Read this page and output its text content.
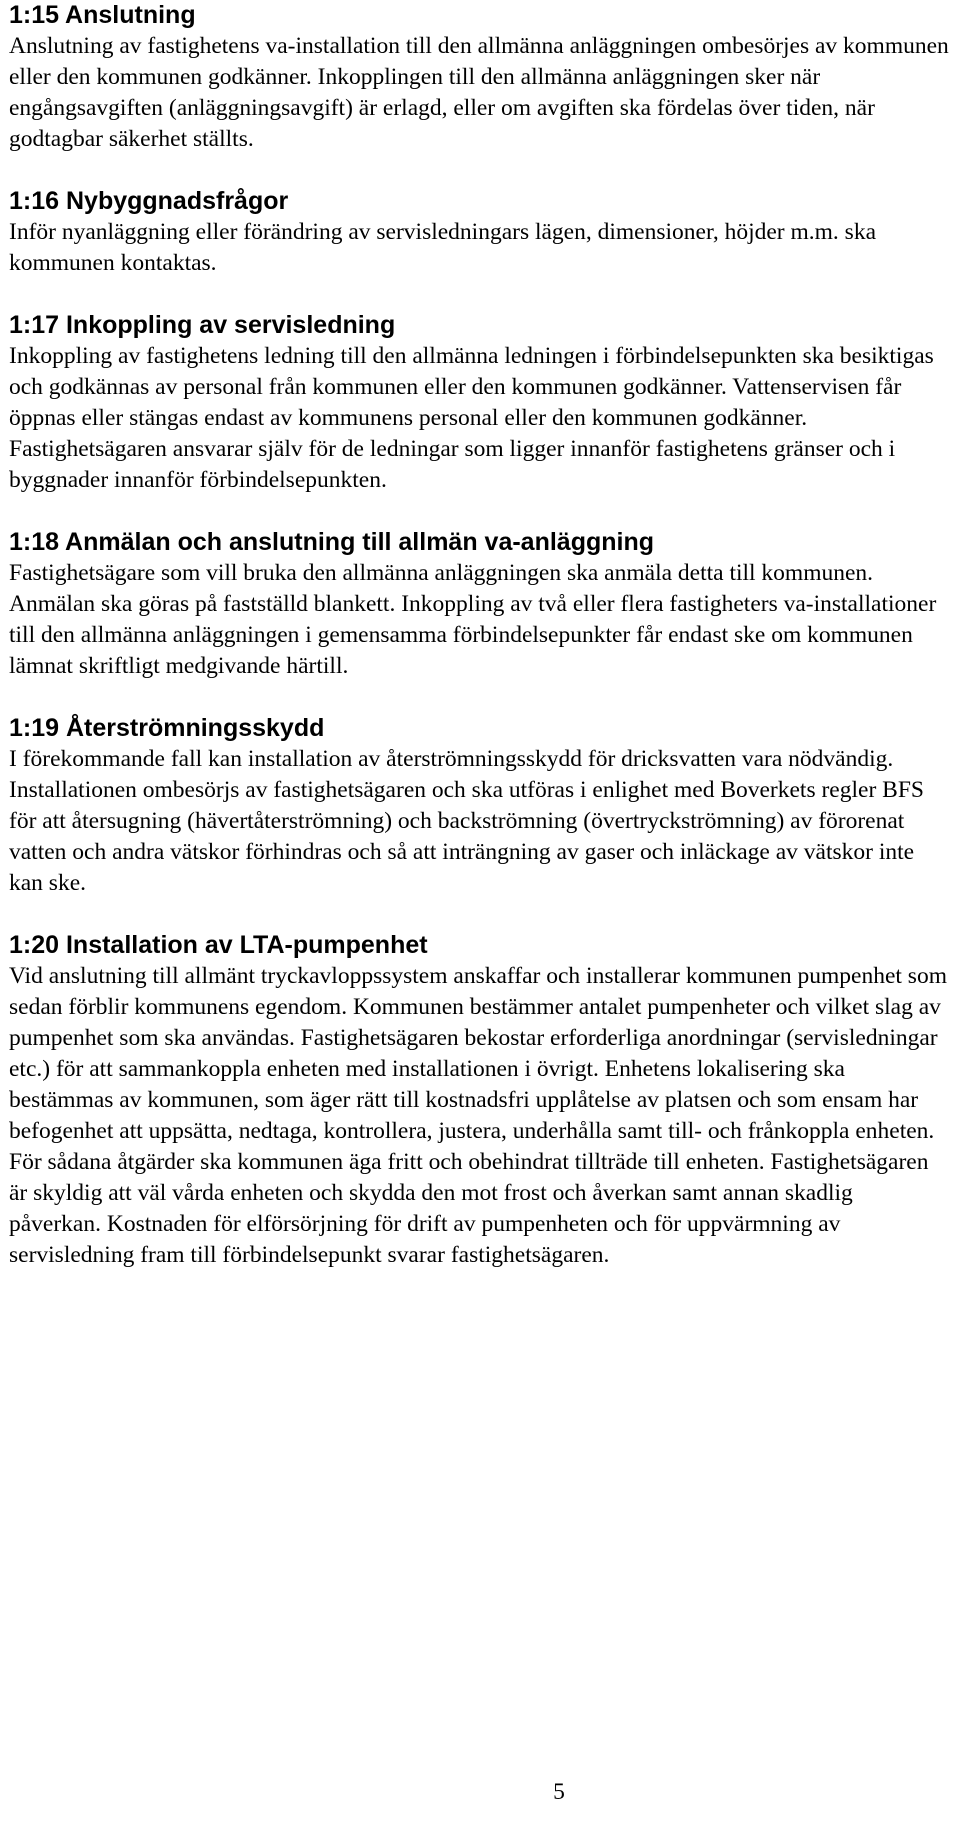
1:15 Anslutning

Anslutning av fastighetens va-installation till den allmänna anläggningen ombesörjes av kommunen eller den kommunen godkänner. Inkopplingen till den allmänna anläggningen sker när engångsavgiften (anläggningsavgift) är erlagd, eller om avgiften ska fördelas över tiden, när godtagbar säkerhet ställts.

1:16 Nybyggnadsfrågor

Inför nyanläggning eller förändring av servisledningars lägen, dimensioner, höjder m.m. ska kommunen kontaktas.

1:17 Inkoppling av servisledning

Inkoppling av fastighetens ledning till den allmänna ledningen i förbindelsepunkten ska besiktigas och godkännas av personal från kommunen eller den kommunen godkänner. Vattenservisen får öppnas eller stängas endast av kommunens personal eller den kommunen godkänner. Fastighetsägaren ansvarar själv för de ledningar som ligger innanför fastighetens gränser och i byggnader innanför förbindelsepunkten.

1:18 Anmälan och anslutning till allmän va-anläggning

Fastighetsägare som vill bruka den allmänna anläggningen ska anmäla detta till kommunen. Anmälan ska göras på fastställd blankett. Inkoppling av två eller flera fastigheters va-installationer till den allmänna anläggningen i gemensamma förbindelsepunkter får endast ske om kommunen lämnat skriftligt medgivande härtill.

1:19 Återströmningsskydd

I förekommande fall kan installation av återströmningsskydd för dricksvatten vara nödvändig. Installationen ombesörjs av fastighetsägaren och ska utföras i enlighet med Boverkets regler BFS för att återsugning (hävertåterströmning) och backströmning (övertryckströmning) av förorenat vatten och andra vätskor förhindras och så att inträngning av gaser och inläckage av vätskor inte kan ske.

1:20 Installation av LTA-pumpenhet

Vid anslutning till allmänt tryckavloppssystem anskaffar och installerar kommunen pumpenhet som sedan förblir kommunens egendom. Kommunen bestämmer antalet pumpenheter och vilket slag av pumpenhet som ska användas. Fastighetsägaren bekostar erforderliga anordningar (servisledningar etc.) för att sammankoppla enheten med installationen i övrigt. Enhetens lokalisering ska bestämmas av kommunen, som äger rätt till kostnadsfri upplåtelse av platsen och som ensam har befogenhet att uppsätta, nedtaga, kontrollera, justera, underhålla samt till- och frånkoppla enheten. För sådana åtgärder ska kommunen äga fritt och obehindrat tillträde till enheten. Fastighetsägaren är skyldig att väl vårda enheten och skydda den mot frost och åverkan samt annan skadlig påverkan. Kostnaden för elförsörjning för drift av pumpenheten och för uppvärmning av servisledning fram till förbindelsepunkt svarar fastighetsägaren.

5
